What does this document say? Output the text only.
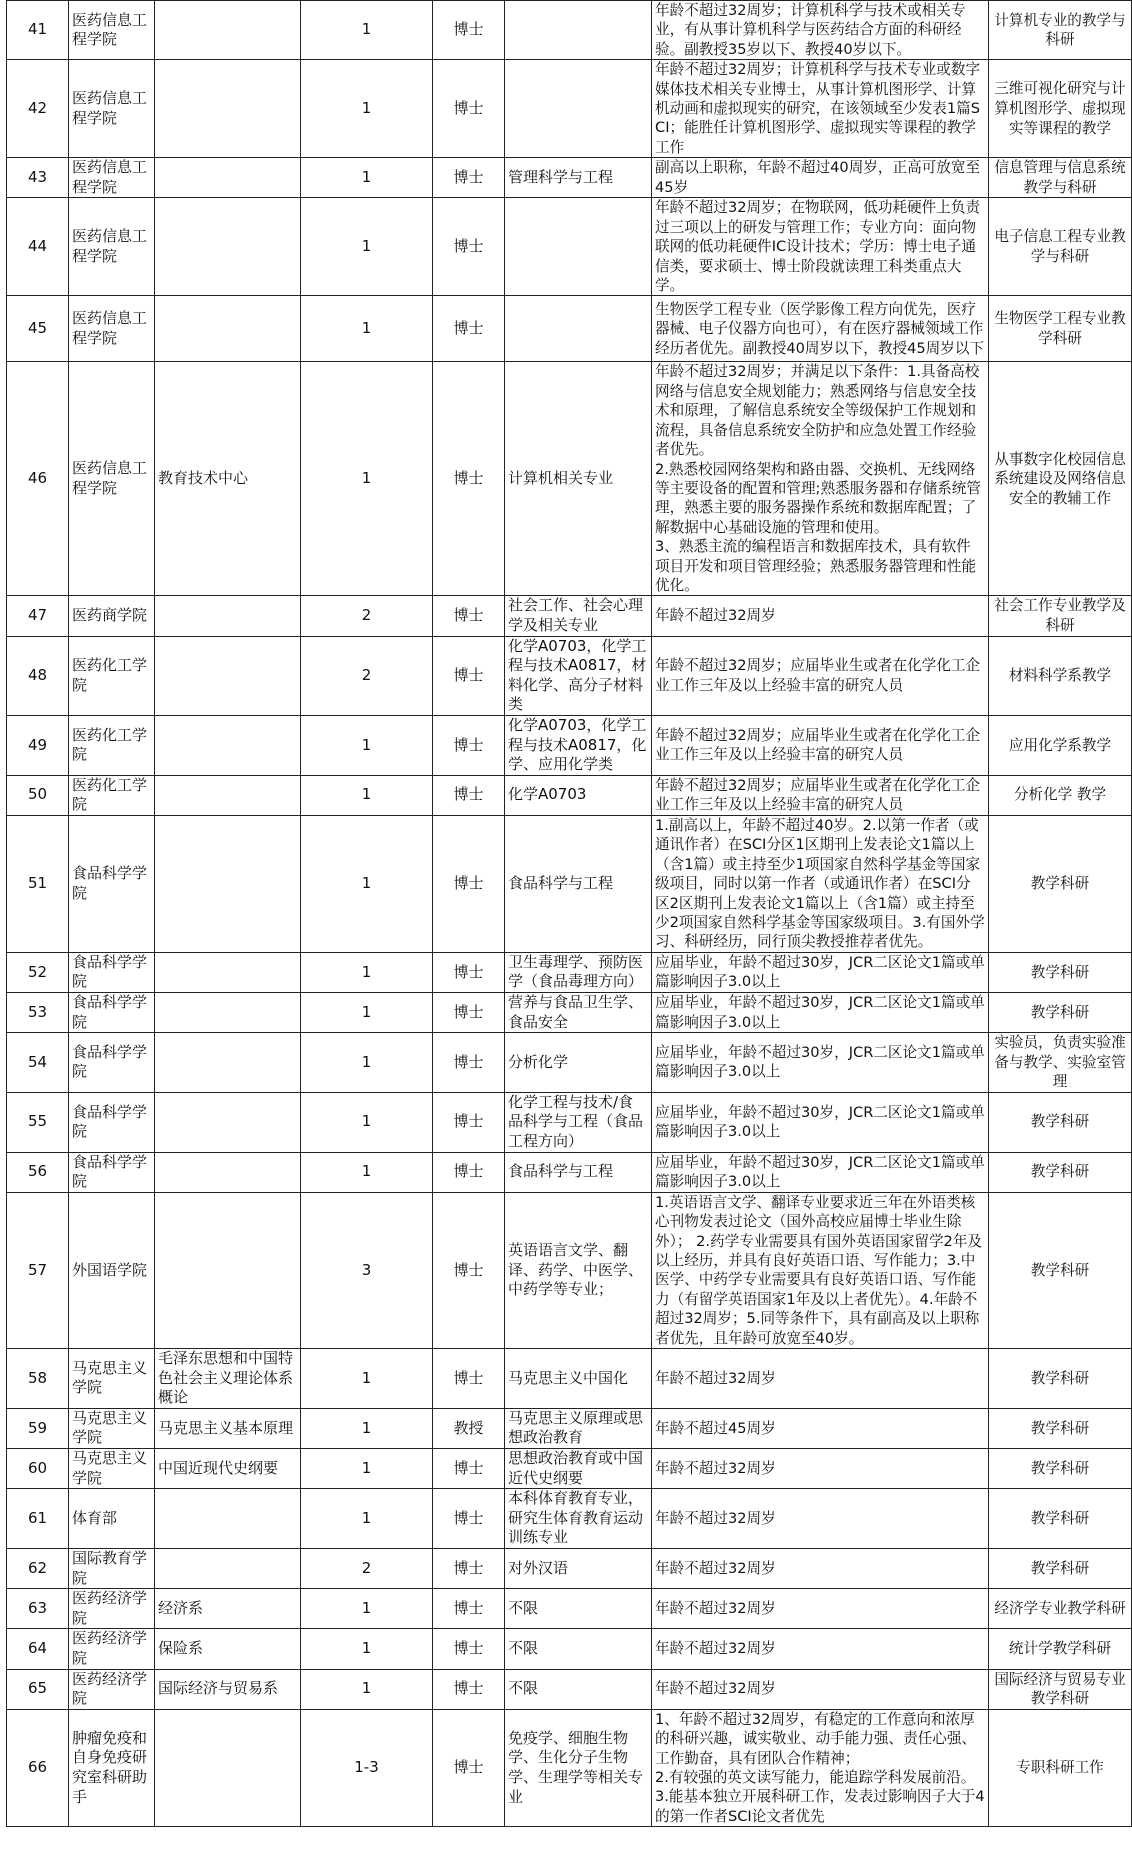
41	医药信息工程学院		1	博士		年龄不超过32周岁；计算机科学与技术或相关专业，有从事计算机科学与医药结合方面的科研经验。副教授35岁以下、教授40岁以下。	计算机专业的教学与科研
42	医药信息工程学院		1	博士		年龄不超过32周岁；计算机科学与技术专业或数字媒体技术相关专业博士，从事计算机图形学、计算机动画和虚拟现实的研究，在该领域至少发表1篇SCI；能胜任计算机图形学、虚拟现实等课程的教学工作	三维可视化研究与计算机图形学、虚拟现实等课程的教学
43	医药信息工程学院		1	博士	管理科学与工程	副高以上职称，年龄不超过40周岁，正高可放宽至45岁	信息管理与信息系统教学与科研
44	医药信息工程学院		1	博士		年龄不超过32周岁；在物联网，低功耗硬件上负责过三项以上的研发与管理工作；专业方向：面向物联网的低功耗硬件IC设计技术；学历：博士电子通信类，要求硕士、博士阶段就读理工科类重点大学。	电子信息工程专业教学与科研
45	医药信息工程学院		1	博士		生物医学工程专业（医学影像工程方向优先，医疗器械、电子仪器方向也可），有在医疗器械领域工作经历者优先。副教授40周岁以下，教授45周岁以下	生物医学工程专业教学科研
46	医药信息工程学院	教育技术中心	1	博士	计算机相关专业	年龄不超过32周岁；并满足以下条件：1.具备高校网络与信息安全规划能力；熟悉网络与信息安全技术和原理，了解信息系统安全等级保护工作规划和流程，具备信息系统安全防护和应急处置工作经验者优先。
2.熟悉校园网络架构和路由器、交换机、无线网络等主要设备的配置和管理;熟悉服务器和存储系统管理，熟悉主要的服务器操作系统和数据库配置；了解数据中心基础设施的管理和使用。
3、熟悉主流的编程语言和数据库技术，具有软件项目开发和项目管理经验；熟悉服务器管理和性能优化。	从事数字化校园信息系统建设及网络信息安全的教辅工作
47	医药商学院		2	博士	社会工作、社会心理学及相关专业	年龄不超过32周岁	社会工作专业教学及科研
48	医药化工学院		2	博士	化学A0703，化学工程与技术A0817，材料化学、高分子材料类	年龄不超过32周岁；应届毕业生或者在化学化工企业工作三年及以上经验丰富的研究人员	材料科学系教学
49	医药化工学院		1	博士	化学A0703，化学工程与技术A0817，化学、应用化学类	年龄不超过32周岁；应届毕业生或者在化学化工企业工作三年及以上经验丰富的研究人员	应用化学系教学
50	医药化工学院		1	博士	化学A0703	年龄不超过32周岁；应届毕业生或者在化学化工企业工作三年及以上经验丰富的研究人员	分析化学 教学
51	食品科学学院		1	博士	食品科学与工程	1.副高以上，年龄不超过40岁。2.以第一作者（或通讯作者）在SCI分区1区期刊上发表论文1篇以上（含1篇）或主持至少1项国家自然科学基金等国家级项目，同时以第一作者（或通讯作者）在SCI分区2区期刊上发表论文1篇以上（含1篇）或主持至少2项国家自然科学基金等国家级项目。3.有国外学习、科研经历，同行顶尖教授推荐者优先。	教学科研
52	食品科学学院		1	博士	卫生毒理学、预防医学（食品毒理方向）	应届毕业，年龄不超过30岁，JCR二区论文1篇或单篇影响因子3.0以上	教学科研
53	食品科学学院		1	博士	营养与食品卫生学、食品安全	应届毕业，年龄不超过30岁，JCR二区论文1篇或单篇影响因子3.0以上	教学科研
54	食品科学学院		1	博士	分析化学	应届毕业，年龄不超过30岁，JCR二区论文1篇或单篇影响因子3.0以上	实验员，负责实验准备与教学、实验室管理
55	食品科学学院		1	博士	化学工程与技术/食品科学与工程（食品工程方向）	应届毕业，年龄不超过30岁，JCR二区论文1篇或单篇影响因子3.0以上	教学科研
56	食品科学学院		1	博士	食品科学与工程	应届毕业，年龄不超过30岁，JCR二区论文1篇或单篇影响因子3.0以上	教学科研
57	外国语学院		3	博士	英语语言文学、翻译、药学、中医学、中药学等专业；	1.英语语言文学、翻译专业要求近三年在外语类核心刊物发表过论文（国外高校应届博士毕业生除外）； 2.药学专业需要具有国外英语国家留学2年及以上经历，并具有良好英语口语、写作能力；3.中医学、中药学专业需要具有良好英语口语、写作能力（有留学英语国家1年及以上者优先）。4.年龄不超过32周岁；5.同等条件下，具有副高及以上职称者优先，且年龄可放宽至40岁。	教学科研
58	马克思主义学院	毛泽东思想和中国特色社会主义理论体系概论	1	博士	马克思主义中国化	年龄不超过32周岁	教学科研
59	马克思主义学院	马克思主义基本原理	1	教授	马克思主义原理或思想政治教育	年龄不超过45周岁	教学科研
60	马克思主义学院	中国近现代史纲要	1	博士	思想政治教育或中国近代史纲要	年龄不超过32周岁	教学科研
61	体育部		1	博士	本科体育教育专业，研究生体育教育运动训练专业	年龄不超过32周岁	教学科研
62	国际教育学院		2	博士	对外汉语	年龄不超过32周岁	教学科研
63	医药经济学院	经济系	1	博士	不限	年龄不超过32周岁	经济学专业教学科研
64	医药经济学院	保险系	1	博士	不限	年龄不超过32周岁	统计学教学科研
65	医药经济学院	国际经济与贸易系	1	博士	不限	年龄不超过32周岁	国际经济与贸易专业教学科研
66	肿瘤免疫和自身免疫研究室科研助手		1-3	博士	免疫学、细胞生物学、生化分子生物学、生理学等相关专业	1、年龄不超过32周岁，有稳定的工作意向和浓厚的科研兴趣，诚实敬业、动手能力强、责任心强、工作勤奋，具有团队合作精神；
2.有较强的英文读写能力，能追踪学科发展前沿。
3.能基本独立开展科研工作，发表过影响因子大于4的第一作者SCI论文者优先	专职科研工作
